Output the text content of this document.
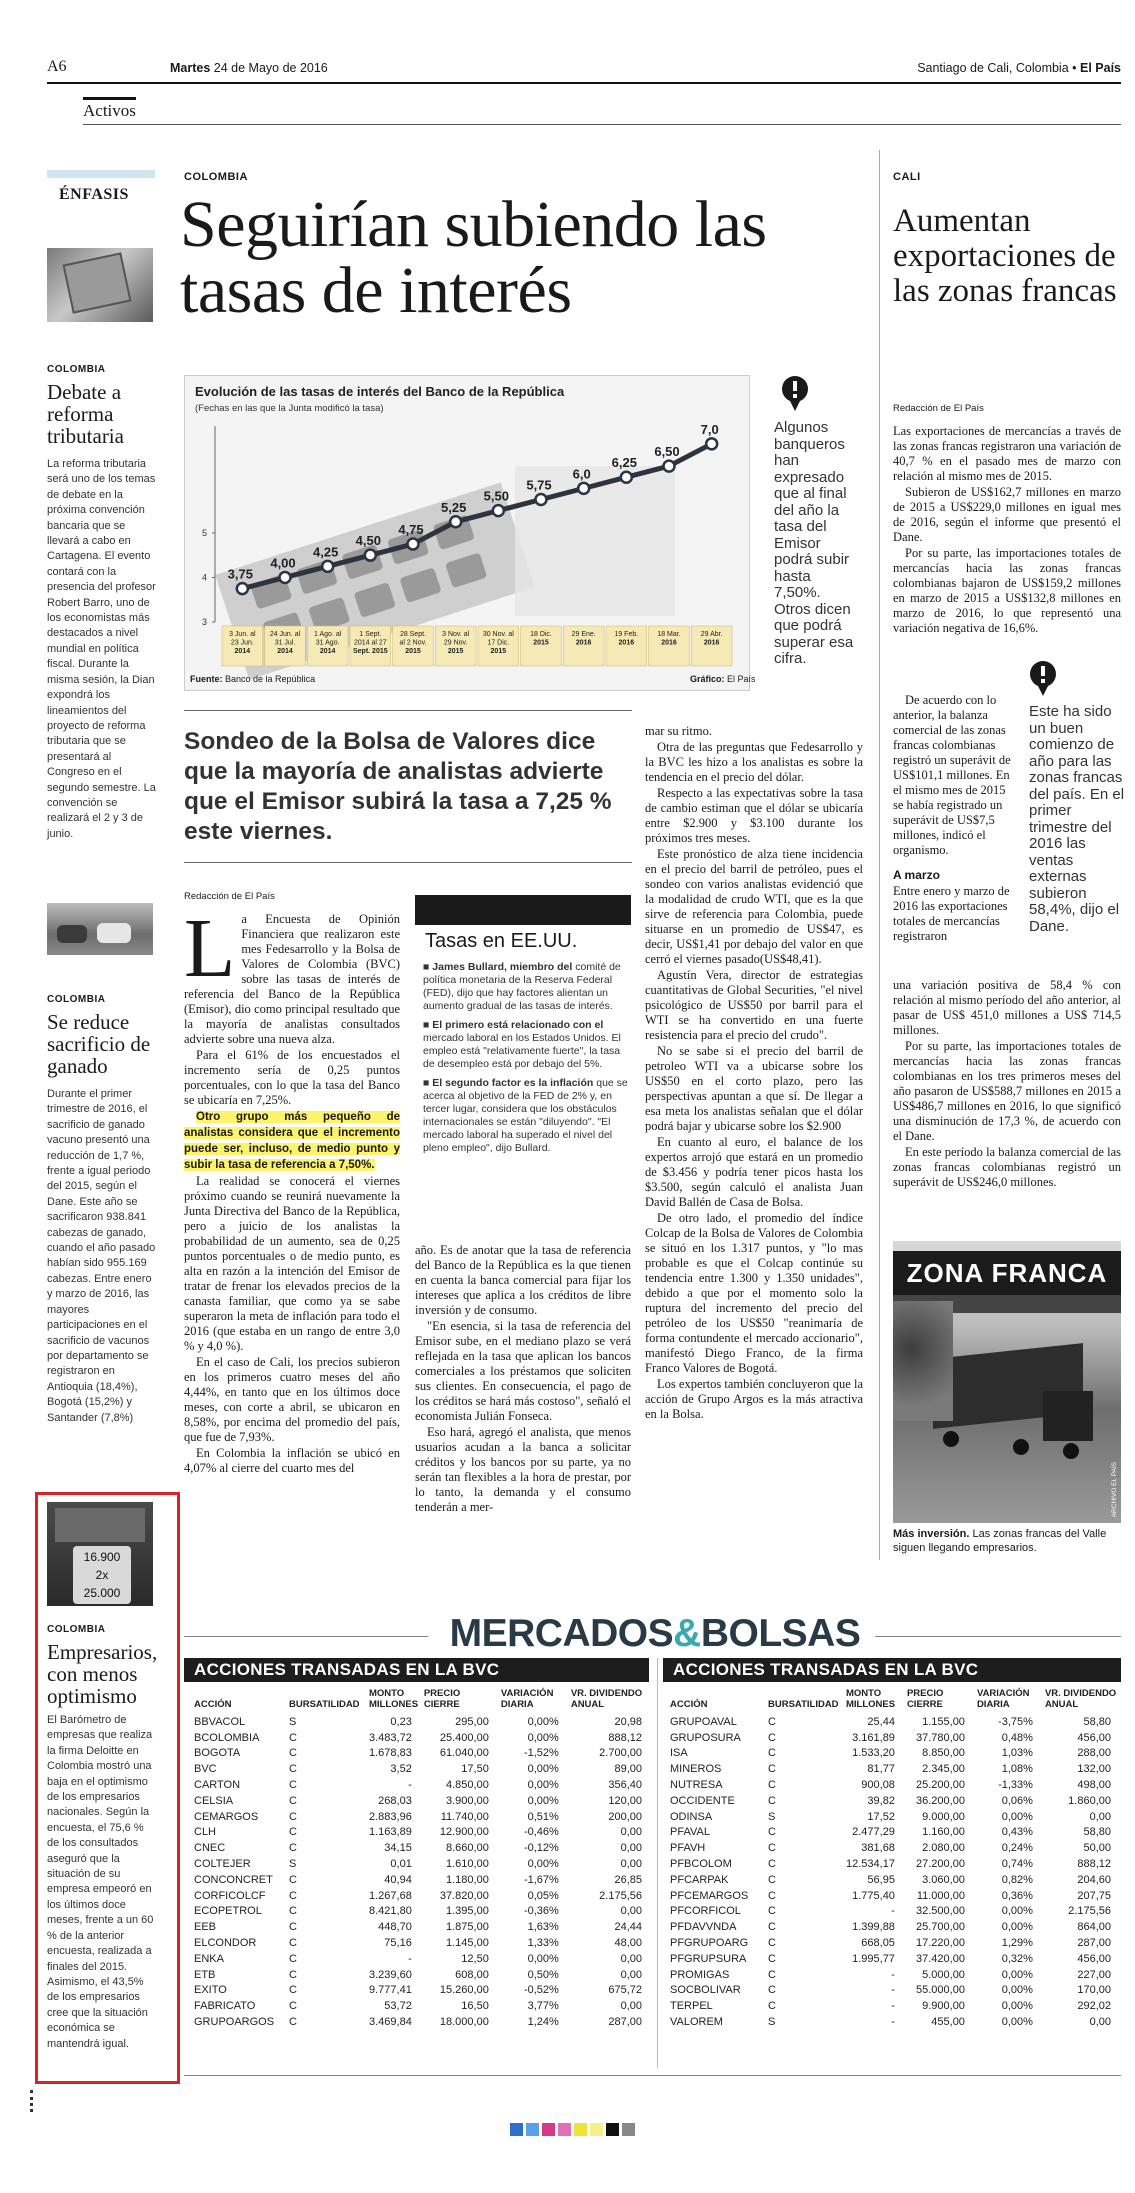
A6	Martes 24 de Mayo de 2016	Santiago de Cali, Colombia • El País
Activos
ÉNFASIS
COLOMBIA
Debate a reforma tributaria
La reforma tributaria será uno de los temas de debate en la próxima convención bancaria que se llevará a cabo en Cartagena. El evento contará con la presencia del profesor Robert Barro, uno de los economistas más destacados a nivel mundial en política fiscal. Durante la misma sesión, la Dian expondrá los lineamientos del proyecto de reforma tributaria que se presentará al Congreso en el segundo semestre. La convención se realizará el 2 y 3 de junio.
COLOMBIA
Se reduce sacrificio de ganado
Durante el primer trimestre de 2016, el sacrificio de ganado vacuno presentó una reducción de 1,7 %, frente a igual periodo del 2015, según el Dane. Este año se sacrificaron 938.841 cabezas de ganado, cuando el año pasado habían sido 955.169 cabezas. Entre enero y marzo de 2016, las mayores participaciones en el sacrificio de vacunos por departamento se registraron en Antioquia (18,4%), Bogotá (15,2%) y Santander (7,8%)
16.900
2x
25.000
COLOMBIA
Empresarios, con menos optimismo
El Barómetro de empresas que realiza la firma Deloitte en Colombia mostró una baja en el optimismo de los empresarios nacionales. Según la encuesta, el 75,6 % de los consultados aseguró que la situación de su empresa empeoró en los últimos doce meses, frente a un 60 % de la anterior encuesta, realizada a finales del 2015. Asimismo, el 43,5% de los empresarios cree que la situación económica se mantendrá igual.
COLOMBIA
Seguirían subiendo las tasas de interés
Evolución de las tasas de interés del Banco de la República
(Fechas en las que la Junta modificó la tasa)
3
4
5
3 Jun. al 23 Jun. 2014
24 Jun. al 31 Jul. 2014
1 Ago. al 31 Ago. 2014
1 Sept. 2014 al 27 Sept. 2015
28 Sept. al 2 Nov. 2015
3 Nov. al 29 Nov. 2015
30 Nov. al 17 Dic. 2015
18 Dic. 2015
29 Ene. 2016
19 Feb. 2016
18 Mar. 2016
29 Abr. 2016
3,75
4,00
4,25
4,50
4,75
5,25
5,50
5,75
6,0
6,25
6,50
7,0
Fuente: Banco de la República	Gráfico: El País
Algunos banqueros han expresado que al final del año la tasa del Emisor podrá subir hasta 7,50%. Otros dicen que podrá superar esa cifra.
Sondeo de la Bolsa de Valores dice que la mayoría de analistas advierte que el Emisor subirá la tasa a 7,25 % este viernes.
Redacción de El País
L a Encuesta de Opinión Financiera que realizaron este mes Fedesarrollo y la Bolsa de Valores de Colombia (BVC) sobre las tasas de interés de referencia del Banco de la República (Emisor), dio como principal resultado que la mayoría de analistas consultados advierte sobre una nueva alza.

Para el 61% de los encuestados el incremento sería de 0,25 puntos porcentuales, con lo que la tasa del Banco se ubicaría en 7,25%.

Otro grupo más pequeño de analistas considera que el incremento puede ser, incluso, de medio punto y subir la tasa de referencia a 7,50%.

La realidad se conocerá el viernes próximo cuando se reunirá nuevamente la Junta Directiva del Banco de la República, pero a juicio de los analistas la probabilidad de un aumento, sea de 0,25 puntos porcentuales o de medio punto, es alta en razón a la intención del Emisor de tratar de frenar los elevados precios de la canasta familiar, que como ya se sabe superaron la meta de inflación para todo el 2016 (que estaba en un rango de entre 3,0 % y 4,0 %).

En el caso de Cali, los precios subieron en los primeros cuatro meses del año 4,44%, en tanto que en los últimos doce meses, con corte a abril, se ubicaron en 8,58%, por encima del promedio del país, que fue de 7,93%.

En Colombia la inflación se ubicó en 4,07% al cierre del cuarto mes del

Tasas en EE.UU.

■ James Bullard, miembro del comité de política monetaria de la Reserva Federal (FED), dijo que hay factores alientan un aumento gradual de las tasas de interés.

■ El primero está relacionado con el mercado laboral en los Estados Unidos. El empleo está "relativamente fuerte", la tasa de desempleo está por debajo del 5%.

■ El segundo factor es la inflación que se acerca al objetivo de la FED de 2% y, en tercer lugar, considera que los obstáculos internacionales se están "diluyendo". "El mercado laboral ha superado el nivel del pleno empleo", dijo Bullard.

año. Es de anotar que la tasa de referencia del Banco de la República es la que tienen en cuenta la banca comercial para fijar los intereses que aplica a los créditos de libre inversión y de consumo.

"En esencia, si la tasa de referencia del Emisor sube, en el mediano plazo se verá reflejada en la tasa que aplican los bancos comerciales a los préstamos que soliciten sus clientes. En consecuencia, el pago de los créditos se hará más costoso", señaló el economista Julián Fonseca.

Eso hará, agregó el analista, que menos usuarios acudan a la banca a solicitar créditos y los bancos por su parte, ya no serán tan flexibles a la hora de prestar, por lo tanto, la demanda y el consumo tenderán a mer-

mar su ritmo.

Otra de las preguntas que Fedesarrollo y la BVC les hizo a los analistas es sobre la tendencia en el precio del dólar.

Respecto a las expectativas sobre la tasa de cambio estiman que el dólar se ubicaría entre $2.900 y $3.100 durante los próximos tres meses.

Este pronóstico de alza tiene incidencia en el precio del barril de petróleo, pues el sondeo con varios analistas evidenció que la modalidad de crudo WTI, que es la que sirve de referencia para Colombia, puede situarse en un promedio de US$47, es decir, US$1,41 por debajo del valor en que cerró el viernes pasado(US$48,41).

Agustín Vera, director de estrategias cuantitativas de Global Securities, "el nivel psicológico de US$50 por barril para el WTI se ha convertido en una fuerte resistencia para el precio del crudo".

No se sabe si el precio del barril de petroleo WTI va a ubicarse sobre los US$50 en el corto plazo, pero las perspectivas apuntan a que sí. De llegar a esa meta los analistas señalan que el dólar podrá bajar y ubicarse sobre los $2.900

En cuanto al euro, el balance de los expertos arrojó que estará en un promedio de $3.456 y podría tener picos hasta los $3.500, según calculó el analista Juan David Ballén de Casa de Bolsa.

De otro lado, el promedio del índice Colcap de la Bolsa de Valores de Colombia se situó en los 1.317 puntos, y "lo mas probable es que el Colcap continúe su tendencia entre 1.300 y 1.350 unidades", debido a que por el momento solo la ruptura del incremento del precio del petróleo de los US$50 "reanimaría de forma contundente el mercado accionario", manifestó Diego Franco, de la firma Franco Valores de Bogotá.

Los expertos también concluyeron que la acción de Grupo Argos es la más atractiva en la Bolsa.

CALI
Aumentan exportaciones de las zonas francas
Redacción de El País

Las exportaciones de mercancías a través de las zonas francas registraron una variación de 40,7 % en el pasado mes de marzo con relación al mismo mes de 2015.

Subieron de US$162,7 millones en marzo de 2015 a US$229,0 millones en igual mes de 2016, según el informe que presentó el Dane.

Por su parte, las importaciones totales de mercancías hacia las zonas francas colombianas bajaron de US$159,2 millones en marzo de 2015 a US$132,8 millones en marzo de 2016, lo que representó una variación negativa de 16,6%.

De acuerdo con lo anterior, la balanza comercial de las zonas francas colombianas registró un superávit de US$101,1 millones. En el mismo mes de 2015 se había registrado un superávit de US$7,5 millones, indicó el organismo.

A marzo

Entre enero y marzo de 2016 las exportaciones totales de mercancías registraron

Este ha sido un buen comienzo de año para las zonas francas del país. En el primer trimestre del 2016 las ventas externas subieron 58,4%, dijo el Dane.

una variación positiva de 58,4 % con relación al mismo período del año anterior, al pasar de US$ 451,0 millones a US$ 714,5 millones.

Por su parte, las importaciones totales de mercancías hacia las zonas francas colombianas en los tres primeros meses del año pasaron de US$588,7 millones en 2015 a US$486,7 millones en 2016, lo que significó una disminución de 17,3 %, de acuerdo con el Dane.

En este período la balanza comercial de las zonas francas colombianas registró un superávit de US$246,0 millones.

ZONA FRANCA
ARCHIVO EL PAÍS
Más inversión. Las zonas francas del Valle siguen llegando empresarios.
MERCADOS&BOLSAS
ACCIONES TRANSADAS EN LA BVC	ACCIONES TRANSADAS EN LA BVC
ACCIÓN	BURSATILIDAD	MONTO MILLONES	PRECIO CIERRE	VARIACIÓN DIARIA	VR. DIVIDENDO ANUAL
BBVACOL	S	0,23	295,00	0,00%	20,98
BCOLOMBIA	C	3.483,72	25.400,00	0,00%	888,12
BOGOTA	C	1.678,83	61.040,00	-1,52%	2.700,00
BVC	C	3,52	17,50	0,00%	89,00
CARTON	C	-	4.850,00	0,00%	356,40
CELSIA	C	268,03	3.900,00	0,00%	120,00
CEMARGOS	C	2.883,96	11.740,00	0,51%	200,00
CLH	C	1.163,89	12.900,00	-0,46%	0,00
CNEC	C	34,15	8.660,00	-0,12%	0,00
COLTEJER	S	0,01	1.610,00	0,00%	0,00
CONCONCRET	C	40,94	1.180,00	-1,67%	26,85
CORFICOLCF	C	1.267,68	37.820,00	0,05%	2.175,56
ECOPETROL	C	8.421,80	1.395,00	-0,36%	0,00
EEB	C	448,70	1.875,00	1,63%	24,44
ELCONDOR	C	75,16	1.145,00	1,33%	48,00
ENKA	C	-	12,50	0,00%	0,00
ETB	C	3.239,60	608,00	0,50%	0,00
EXITO	C	9.777,41	15.260,00	-0,52%	675,72
FABRICATO	C	53,72	16,50	3,77%	0,00
GRUPOARGOS	C	3.469,84	18.000,00	1,24%	287,00
ACCIÓN	BURSATILIDAD	MONTO MILLONES	PRECIO CIERRE	VARIACIÓN DIARIA	VR. DIVIDENDO ANUAL
GRUPOAVAL	C	25,44	1.155,00	-3,75%	58,80
GRUPOSURA	C	3.161,89	37.780,00	0,48%	456,00
ISA	C	1.533,20	8.850,00	1,03%	288,00
MINEROS	C	81,77	2.345,00	1,08%	132,00
NUTRESA	C	900,08	25.200,00	-1,33%	498,00
OCCIDENTE	C	39,82	36.200,00	0,06%	1.860,00
ODINSA	S	17,52	9.000,00	0,00%	0,00
PFAVAL	C	2.477,29	1.160,00	0,43%	58,80
PFAVH	C	381,68	2.080,00	0,24%	50,00
PFBCOLOM	C	12.534,17	27.200,00	0,74%	888,12
PFCARPAK	C	56,95	3.060,00	0,82%	204,60
PFCEMARGOS	C	1.775,40	11.000,00	0,36%	207,75
PFCORFICOL	C	-	32.500,00	0,00%	2.175,56
PFDAVVNDA	C	1.399,88	25.700,00	0,00%	864,00
PFGRUPOARG	C	668,05	17.220,00	1,29%	287,00
PFGRUPSURA	C	1.995,77	37.420,00	0,32%	456,00
PROMIGAS	C	-	5.000,00	0,00%	227,00
SOCBOLIVAR	C	-	55.000,00	0,00%	170,00
TERPEL	C	-	9.900,00	0,00%	292,02
VALOREM	S	-	455,00	0,00%	0,00
